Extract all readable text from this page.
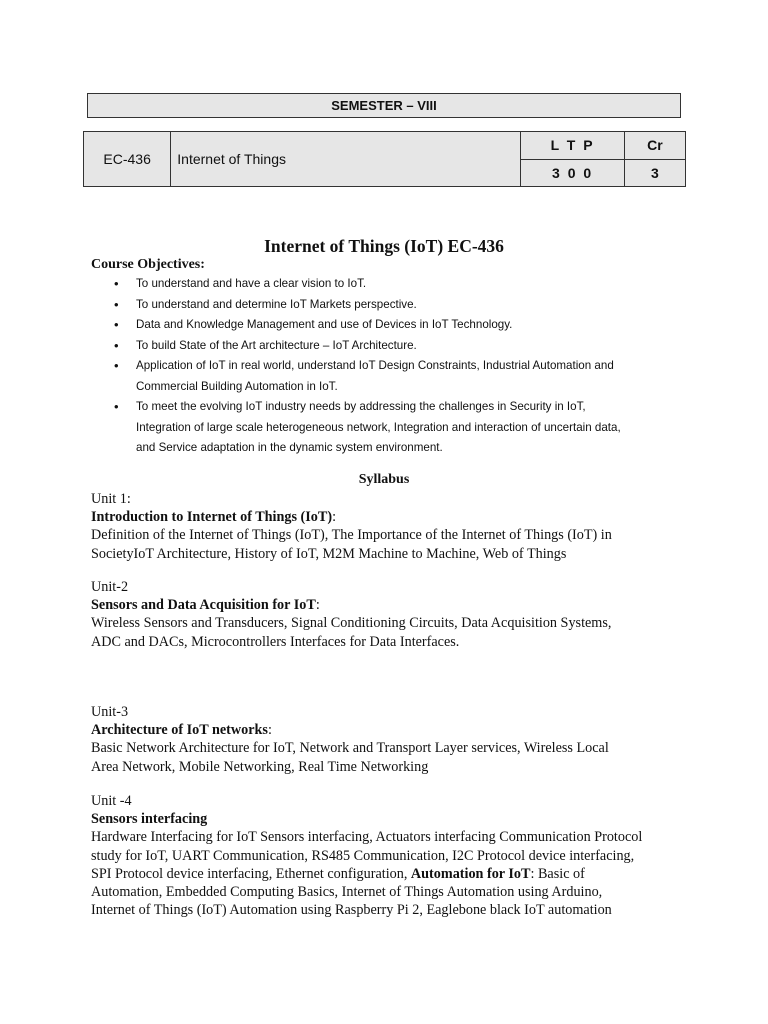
SEMESTER – VIII
EC-436	Internet of Things	L T P	Cr
		3 0 0	3
Internet of Things (IoT) EC-436
Course Objectives:
• To understand and have a clear vision to IoT.
• To understand and determine IoT Markets perspective.
• Data and Knowledge Management and use of Devices in IoT Technology.
• To build State of the Art architecture – IoT Architecture.
• Application of IoT in real world, understand IoT Design Constraints, Industrial Automation and
Commercial Building Automation in IoT.
• To meet the evolving IoT industry needs by addressing the challenges in Security in IoT,
Integration of large scale heterogeneous network, Integration and interaction of uncertain data,
and Service adaptation in the dynamic system environment.
Syllabus

Unit 1:

Introduction to Internet of Things (IoT):

Definition of the Internet of Things (IoT), The Importance of the Internet of Things (IoT) in

SocietyIoT Architecture, History of IoT, M2M Machine to Machine, Web of Things

Unit-2

Sensors and Data Acquisition for IoT:

Wireless Sensors and Transducers, Signal Conditioning Circuits, Data Acquisition Systems,

ADC and DACs, Microcontrollers Interfaces for Data Interfaces.

Unit-3

Architecture of IoT networks:

Basic Network Architecture for IoT, Network and Transport Layer services, Wireless Local

Area Network, Mobile Networking, Real Time Networking

Unit -4

Sensors interfacing

Hardware Interfacing for IoT Sensors interfacing, Actuators interfacing Communication Protocol

study for IoT, UART Communication, RS485 Communication, I2C Protocol device interfacing,

SPI Protocol device interfacing, Ethernet configuration, Automation for IoT: Basic of

Automation, Embedded Computing Basics, Internet of Things Automation using Arduino,

Internet of Things (IoT) Automation using Raspberry Pi 2, Eaglebone black IoT automation
